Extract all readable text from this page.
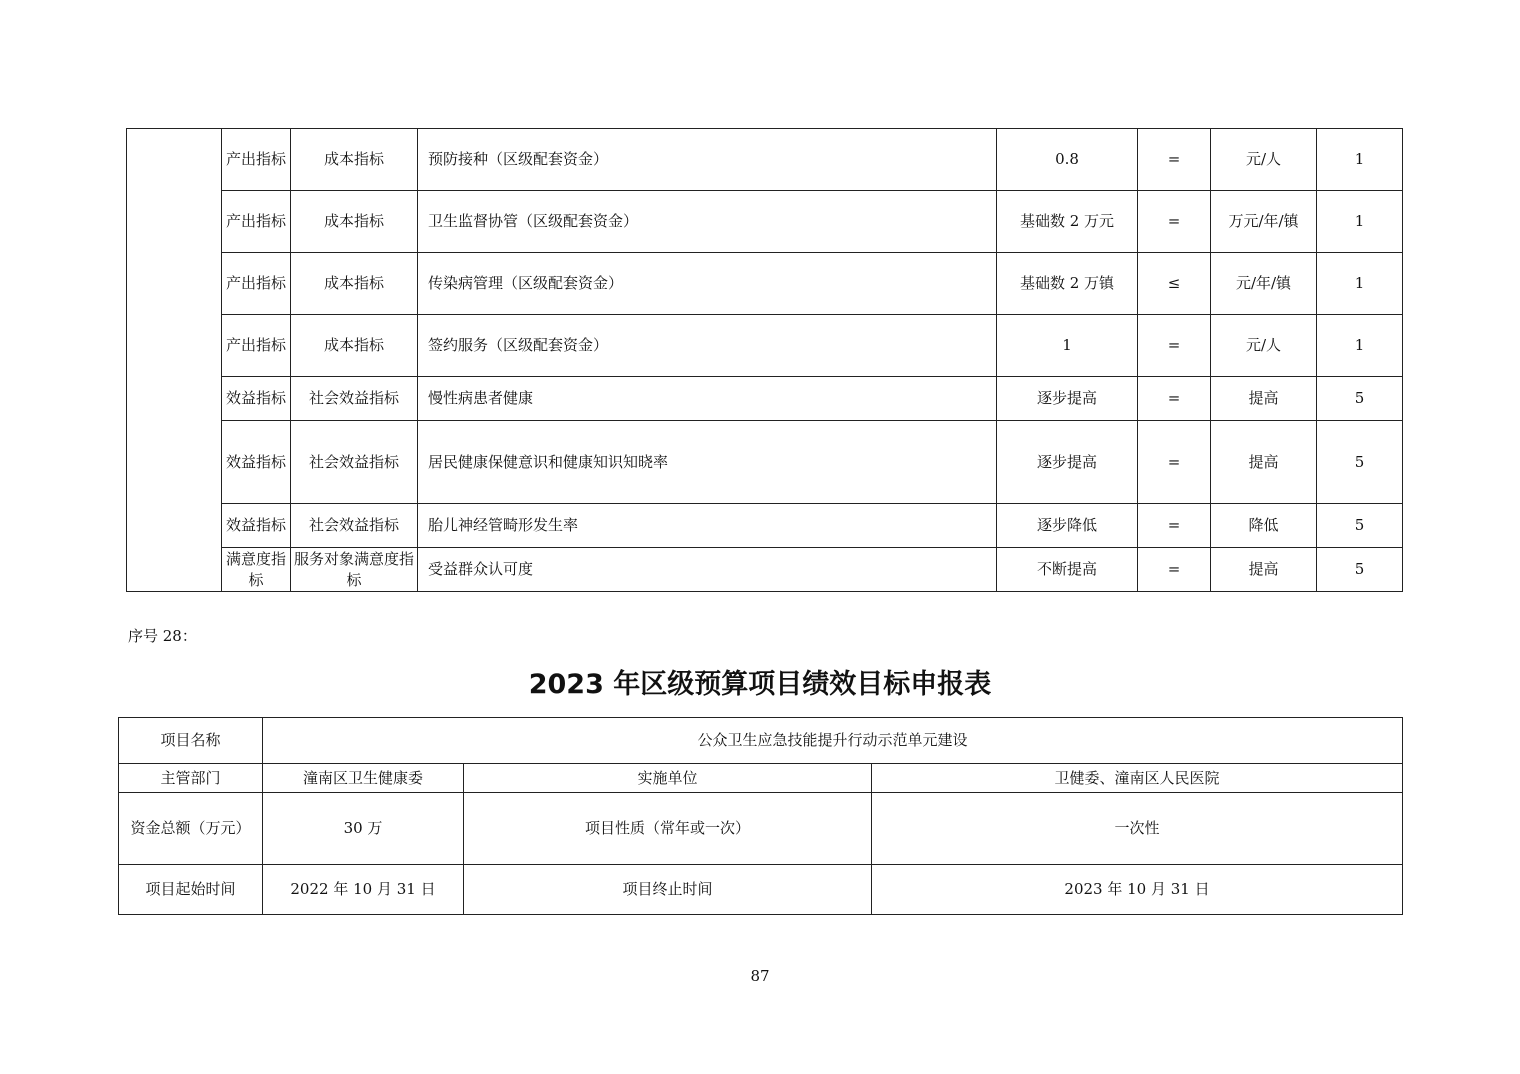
	产出指标	成本指标	预防接种（区级配套资金）	0.8	=	元/人	1
	产出指标	成本指标	卫生监督协管（区级配套资金）	基础数 2 万元	=	万元/年/镇	1
	产出指标	成本指标	传染病管理（区级配套资金）	基础数 2 万镇	≤	元/年/镇	1
	产出指标	成本指标	签约服务（区级配套资金）	1	=	元/人	1
	效益指标	社会效益指标	慢性病患者健康	逐步提高	=	提高	5
	效益指标	社会效益指标	居民健康保健意识和健康知识知晓率	逐步提高	=	提高	5
	效益指标	社会效益指标	胎儿神经管畸形发生率	逐步降低	=	降低	5
	满意度指标	服务对象满意度指标	受益群众认可度	不断提高	=	提高	5
序号 28：
2023 年区级预算项目绩效目标申报表
项目名称	公众卫生应急技能提升行动示范单元建设		
主管部门	潼南区卫生健康委	实施单位	卫健委、潼南区人民医院
资金总额（万元）	30 万	项目性质（常年或一次）	一次性
项目起始时间	2022 年 10 月 31 日	项目终止时间	2023 年 10 月 31 日
87
